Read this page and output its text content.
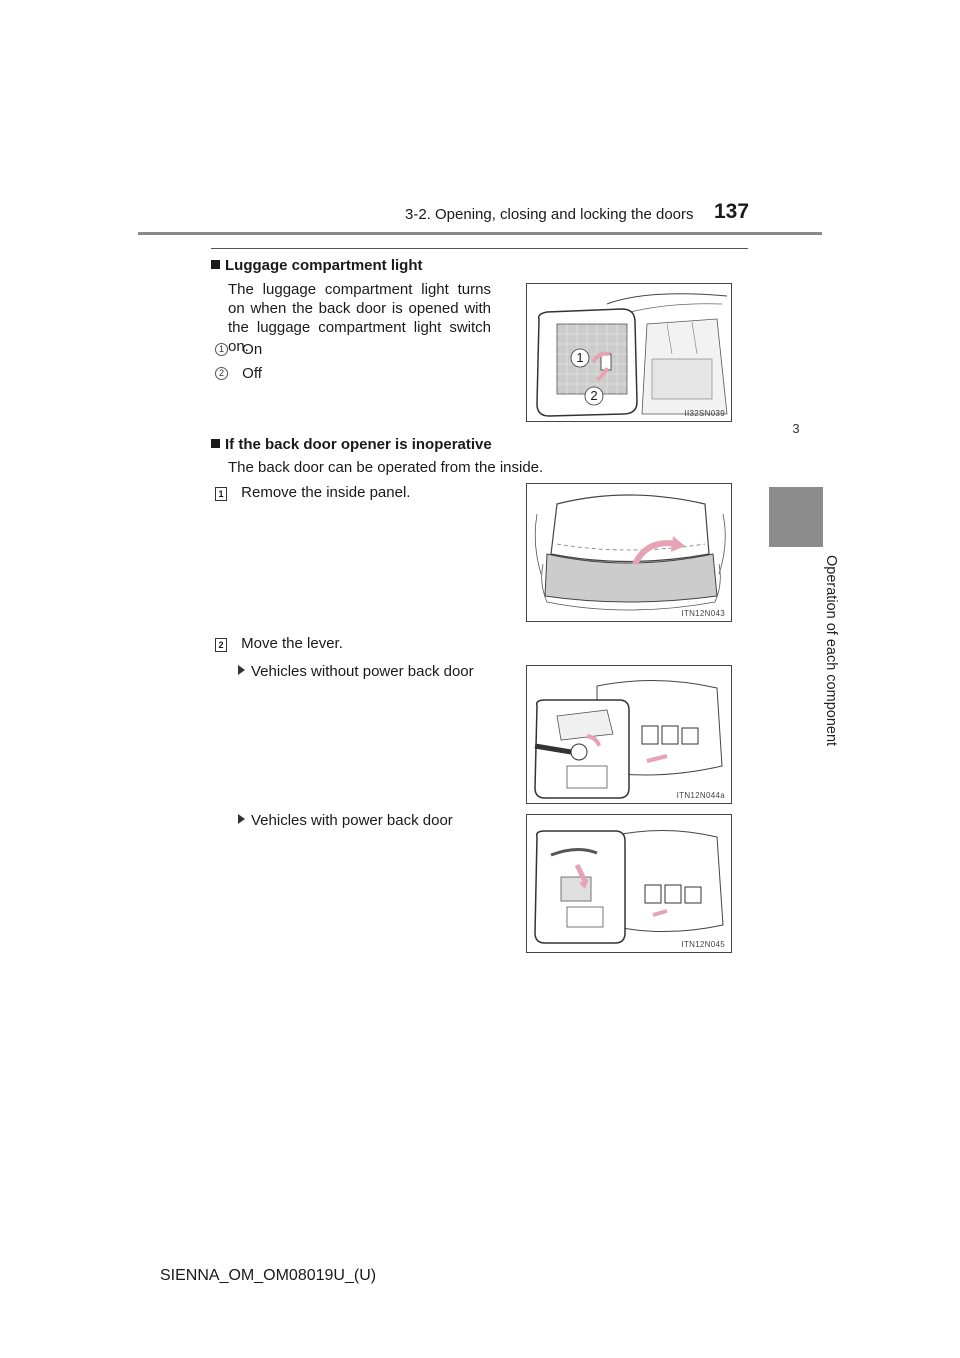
3-2. Opening, closing and locking the doors 137
3
Operation of each component
Luggage compartment light
The luggage compartment light turns on when the back door is opened with the luggage compartment light switch on.
1 On
2 Off
1
2
II32SN039
If the back door opener is inoperative
The back door can be operated from the inside.
1 Remove the inside panel.
ITN12N043
2 Move the lever.
Vehicles without power back door
ITN12N044a
Vehicles with power back door
ITN12N045
SIENNA_OM_OM08019U_(U)
